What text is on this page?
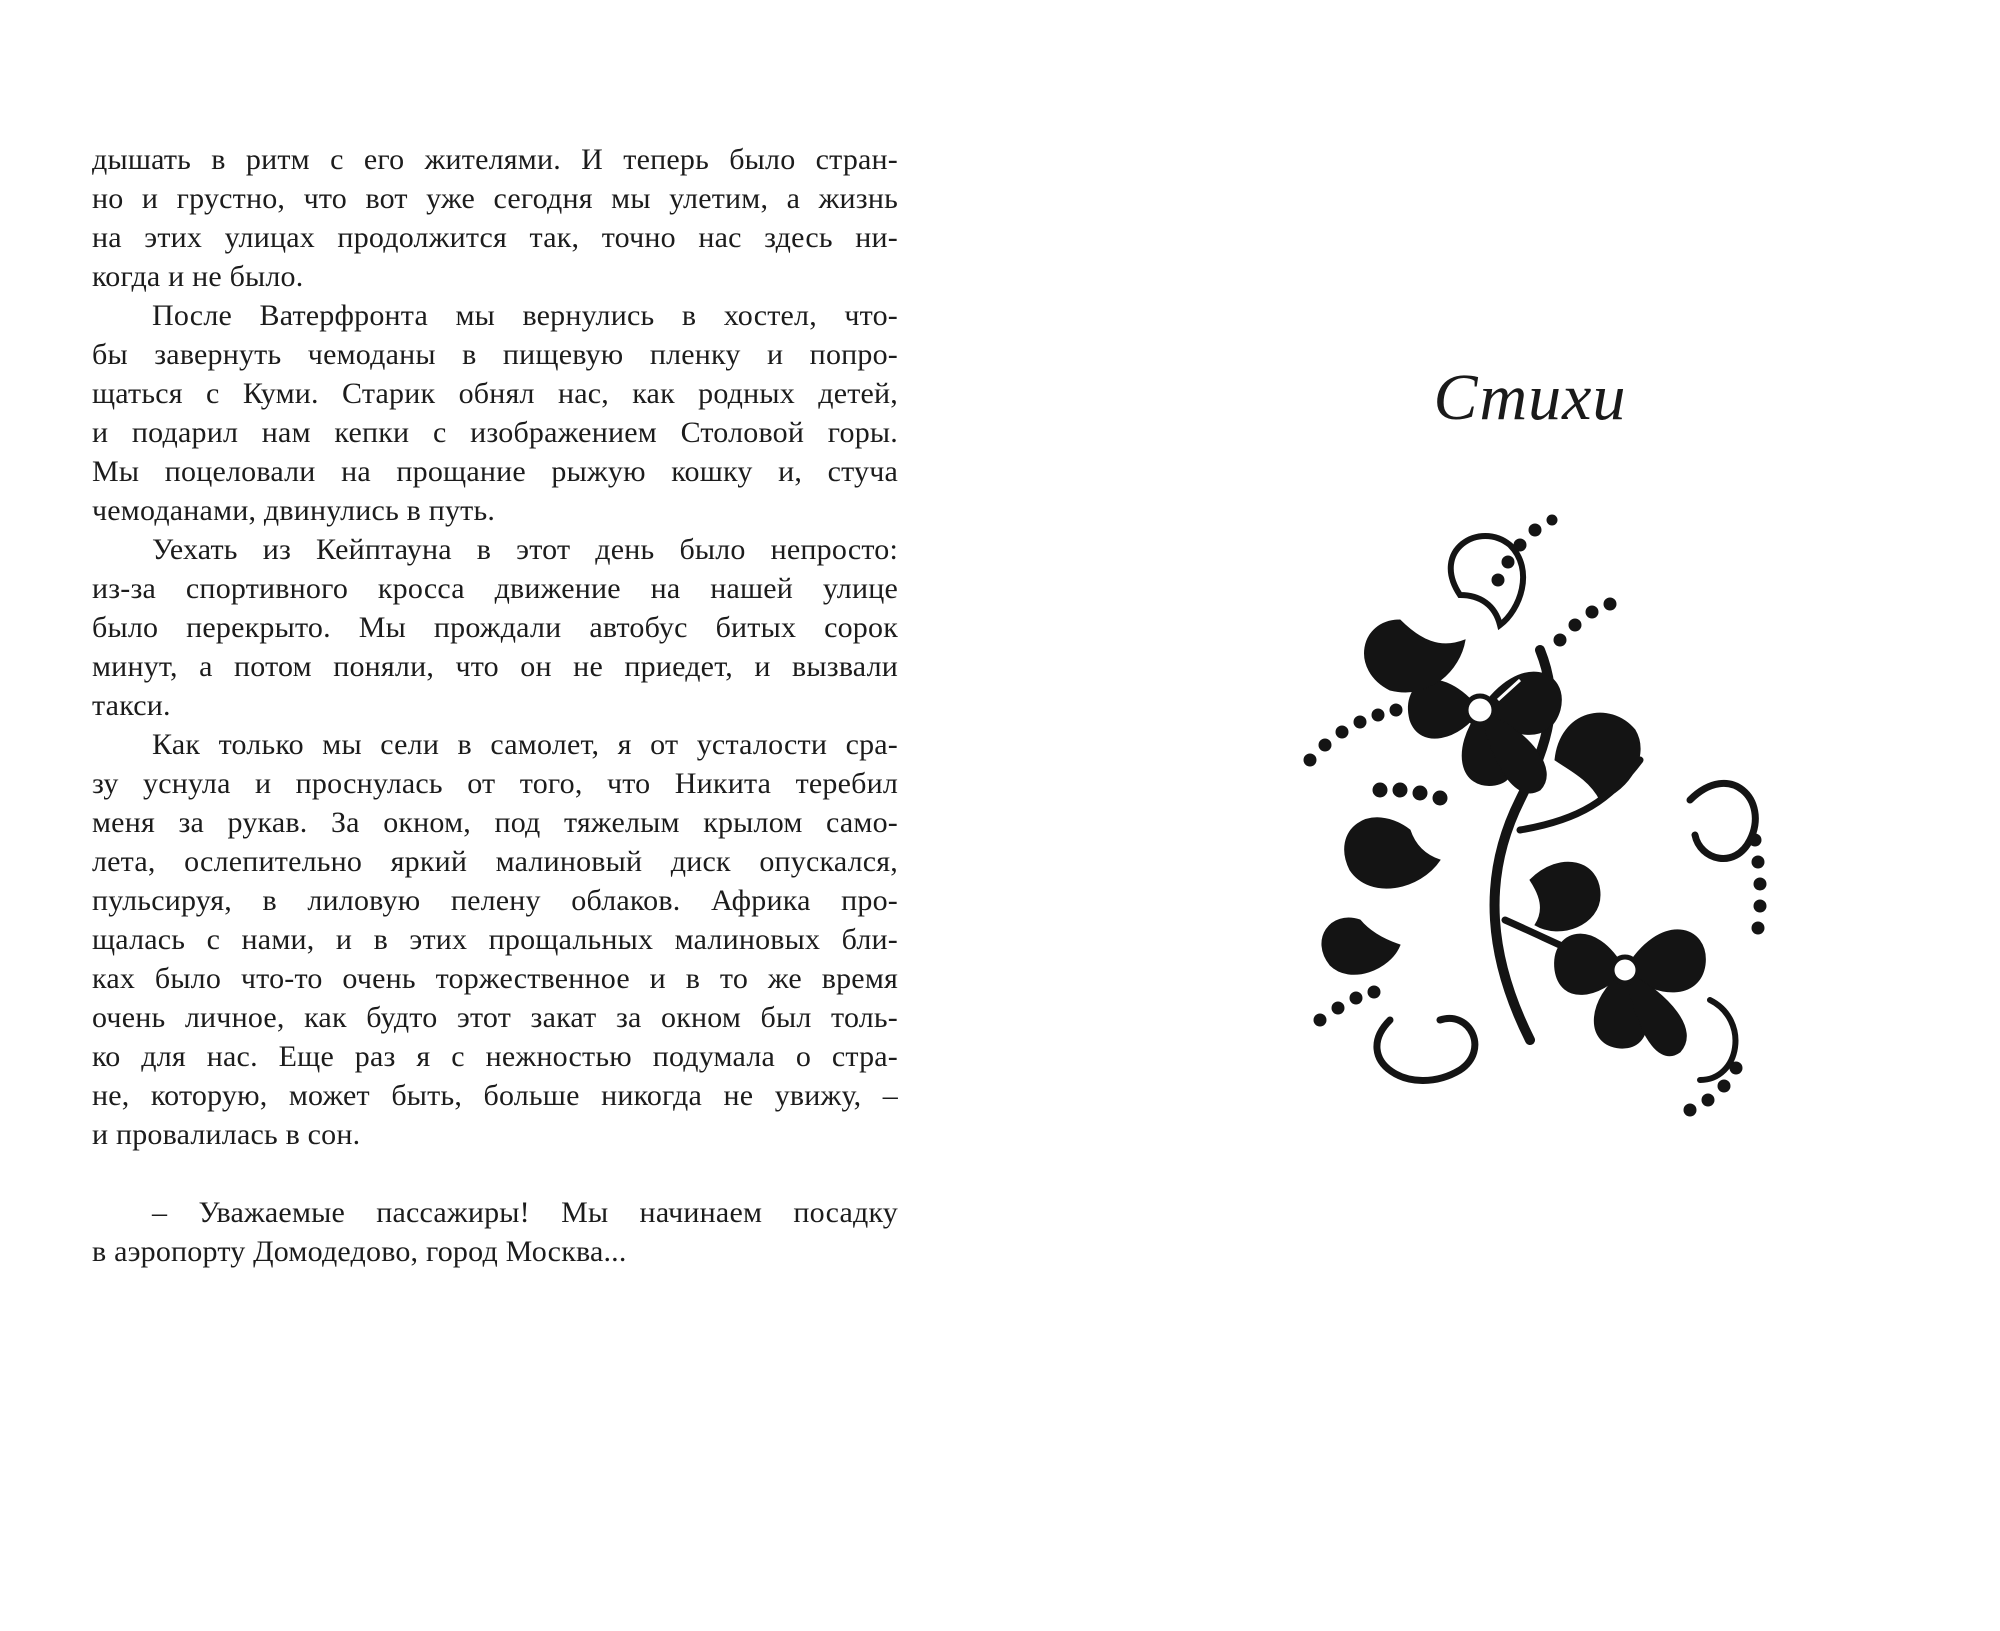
дышать в ритм с его жителями. И теперь было стран-
но и грустно, что вот уже сегодня мы улетим, а жизнь
на этих улицах продолжится так, точно нас здесь ни-
когда и не было.
После Ватерфронта мы вернулись в хостел, что-
бы завернуть чемоданы в пищевую пленку и попро-
щаться с Куми. Старик обнял нас, как родных детей,
и подарил нам кепки с изображением Столовой горы.
Мы поцеловали на прощание рыжую кошку и, стуча
чемоданами, двинулись в путь.
Уехать из Кейптауна в этот день было непросто:
из-за спортивного кросса движение на нашей улице
было перекрыто. Мы прождали автобус битых сорок
минут, а потом поняли, что он не приедет, и вызвали
такси.
Как только мы сели в самолет, я от усталости сра-
зу уснула и проснулась от того, что Никита теребил
меня за рукав. За окном, под тяжелым крылом само-
лета, ослепительно яркий малиновый диск опускался,
пульсируя, в лиловую пелену облаков. Африка про-
щалась с нами, и в этих прощальных малиновых бли-
ках было что-то очень торжественное и в то же время
очень личное, как будто этот закат за окном был толь-
ко для нас. Еще раз я с нежностью подумала о стра-
не, которую, может быть, больше никогда не увижу, –
и провалилась в сон.
– Уважаемые пассажиры! Мы начинаем посадку
в аэропорту Домодедово, город Москва...
Стихи
